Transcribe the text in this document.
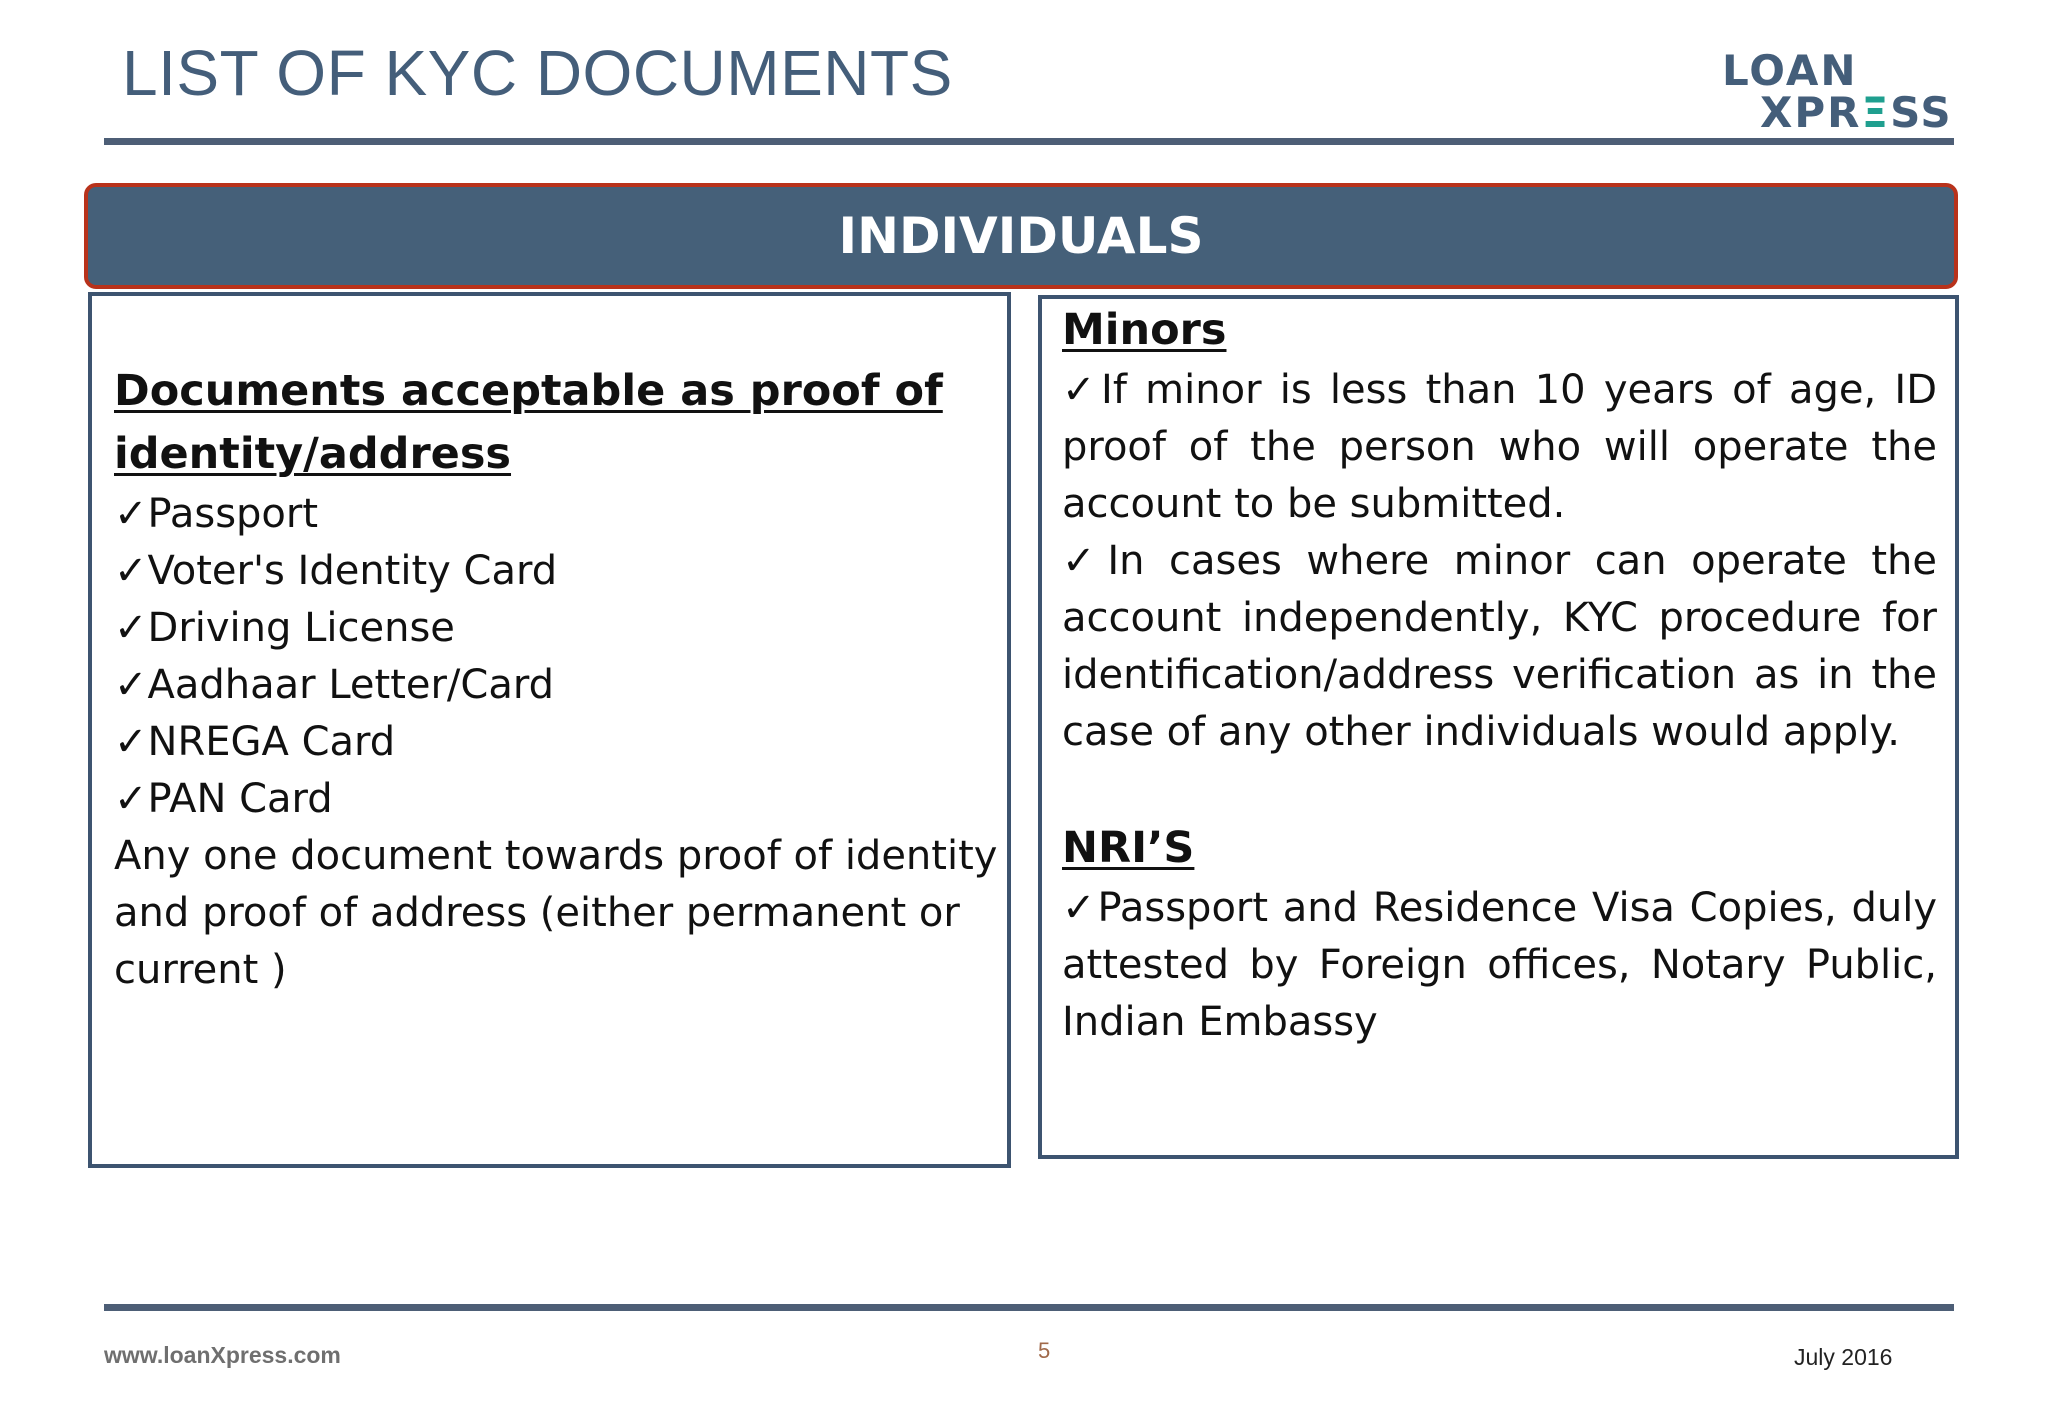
LIST OF KYC DOCUMENTS	LOAN
XPRΞSS
INDIVIDUALS
Documents acceptable as proof of
identity/address
✓Passport
✓Voter's Identity Card
✓Driving License
✓Aadhaar Letter/Card
✓NREGA Card
✓PAN Card
Any one document towards proof of identity
and proof of address (either permanent or
current )
Minors
✓If minor is less than 10 years of age, ID proof of the person who will operate the account to be submitted.
✓In cases where minor can operate the account independently, KYC procedure for identification/address verification as in the case of any other individuals would apply.
NRI’S
✓Passport and Residence Visa Copies, duly attested by Foreign offices, Notary Public, Indian Embassy
www.loanXpress.com	5	July 2016
